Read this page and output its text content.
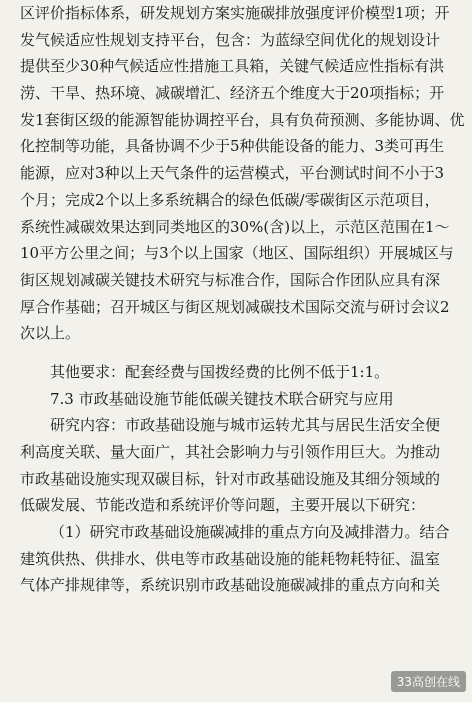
区评价指标体系，研发规划方案实施碳排放强度评价模型1项；开
发气候适应性规划支持平台，包含：为蓝绿空间优化的规划设计
提供至少30种气候适应性措施工具箱，关键气候适应性指标有洪
涝、干旱、热环境、减碳增汇、经济五个维度大于20项指标；开
发1套街区级的能源智能协调控平台，具有负荷预测、多能协调、优
化控制等功能，具备协调不少于5种供能设备的能力、3类可再生
能源，应对3种以上天气条件的运营模式，平台测试时间不小于3
个月；完成2个以上多系统耦合的绿色低碳/零碳街区示范项目，
系统性减碳效果达到同类地区的30%(含)以上，示范区范围在1～
10平方公里之间；与3个以上国家（地区、国际组织）开展城区与
街区规划减碳关键技术研究与标准合作，国际合作团队应具有深
厚合作基础；召开城区与街区规划减碳技术国际交流与研讨会议2
次以上。
其他要求：配套经费与国拨经费的比例不低于1:1。
7.3 市政基础设施节能低碳关键技术联合研究与应用
研究内容：市政基础设施与城市运转尤其与居民生活安全便
利高度关联、量大面广，其社会影响力与引领作用巨大。为推动
市政基础设施实现双碳目标，针对市政基础设施及其细分领域的
低碳发展、节能改造和系统评价等问题，主要开展以下研究：
（1）研究市政基础设施碳减排的重点方向及减排潜力。结合
建筑供热、供排水、供电等市政基础设施的能耗物耗特征、温室
气体产排规律等，系统识别市政基础设施碳减排的重点方向和关
33高创在线
